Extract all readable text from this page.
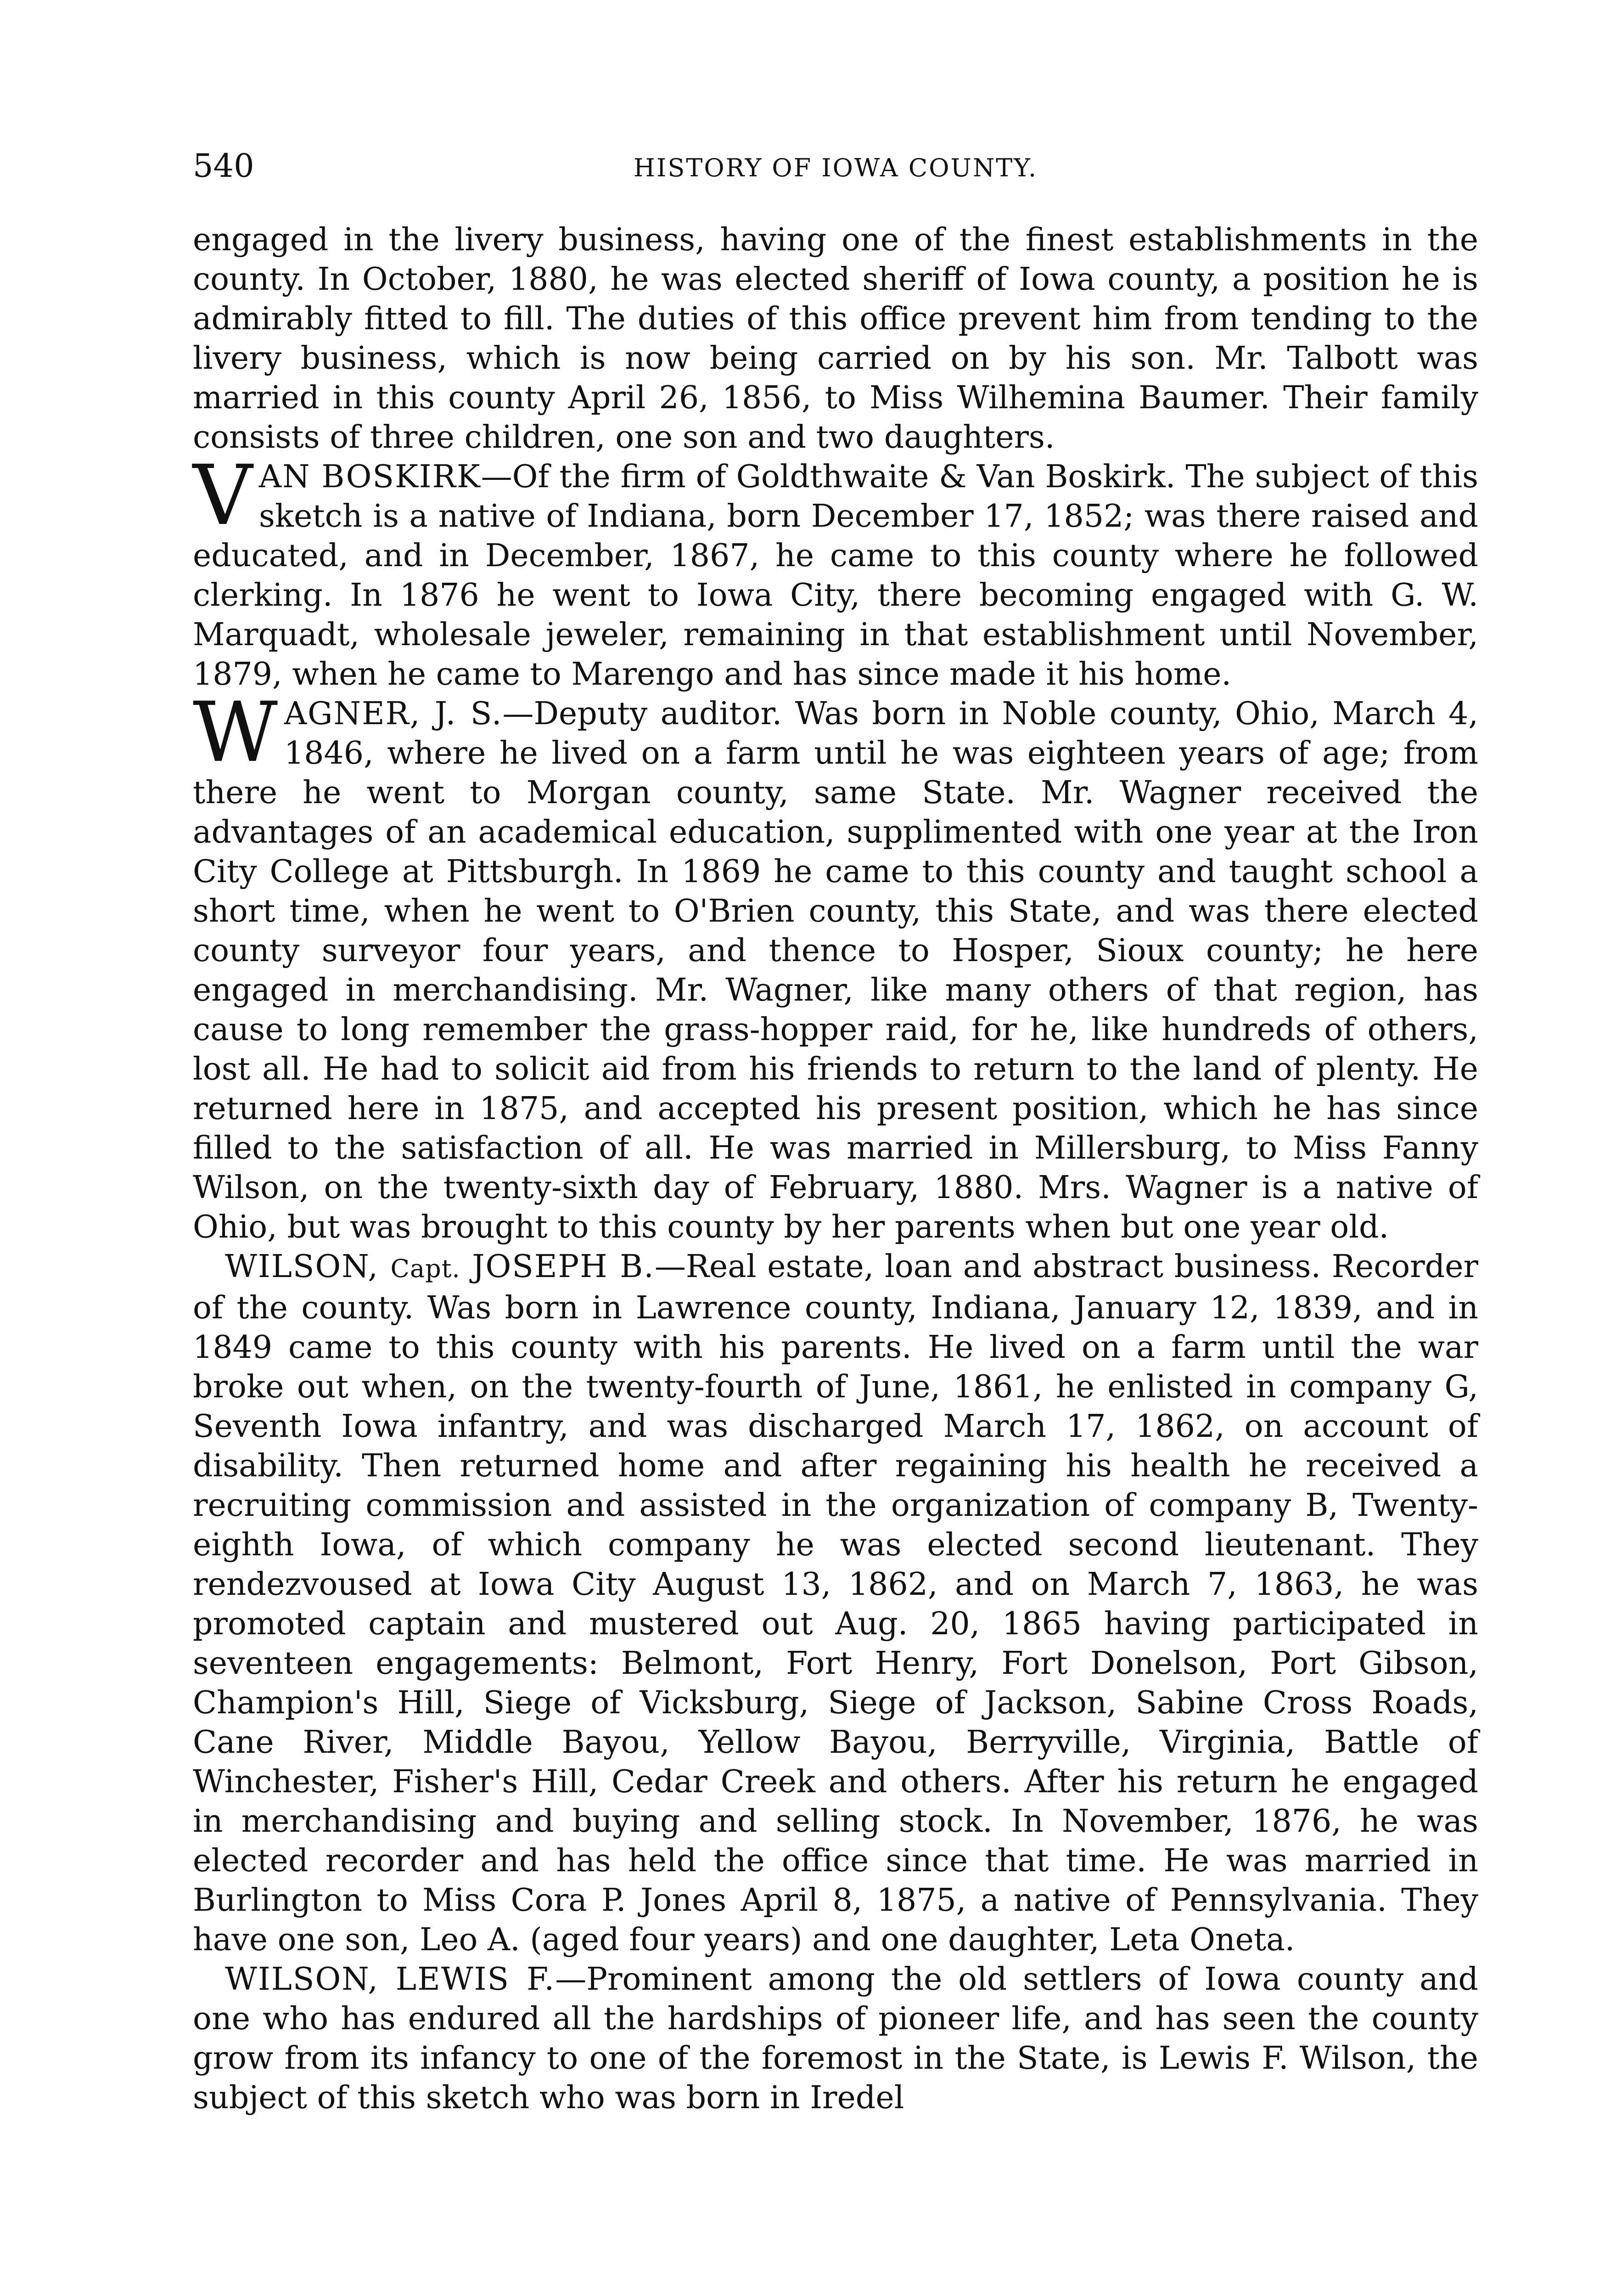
540	HISTORY OF IOWA COUNTY.

engaged in the livery business, having one of the finest establishments in the county. In October, 1880, he was elected sheriff of Iowa county, a position he is admirably fitted to fill. The duties of this office prevent him from tending to the livery business, which is now being carried on by his son. Mr. Talbott was married in this county April 26, 1856, to Miss Wilhemina Baumer. Their family consists of three children, one son and two daughters.

VAN BOSKIRK—Of the firm of Goldthwaite & Van Boskirk. The subject of this sketch is a native of Indiana, born December 17, 1852; was there raised and educated, and in December, 1867, he came to this county where he followed clerking. In 1876 he went to Iowa City, there becoming engaged with G. W. Marquadt, wholesale jeweler, remaining in that establishment until November, 1879, when he came to Marengo and has since made it his home.

WAGNER, J. S.—Deputy auditor. Was born in Noble county, Ohio, March 4, 1846, where he lived on a farm until he was eighteen years of age; from there he went to Morgan county, same State. Mr. Wagner received the advantages of an academical education, supplimented with one year at the Iron City College at Pittsburgh. In 1869 he came to this county and taught school a short time, when he went to O'Brien county, this State, and was there elected county surveyor four years, and thence to Hosper, Sioux county; he here engaged in merchandising. Mr. Wagner, like many others of that region, has cause to long remember the grass-hopper raid, for he, like hundreds of others, lost all. He had to solicit aid from his friends to return to the land of plenty. He returned here in 1875, and accepted his present position, which he has since filled to the satisfaction of all. He was married in Millersburg, to Miss Fanny Wilson, on the twenty-sixth day of February, 1880. Mrs. Wagner is a native of Ohio, but was brought to this county by her parents when but one year old.

WILSON, Capt. JOSEPH B.—Real estate, loan and abstract business. Recorder of the county. Was born in Lawrence county, Indiana, January 12, 1839, and in 1849 came to this county with his parents. He lived on a farm until the war broke out when, on the twenty-fourth of June, 1861, he enlisted in company G, Seventh Iowa infantry, and was discharged March 17, 1862, on account of disability. Then returned home and after regaining his health he received a recruiting commission and assisted in the organization of company B, Twenty-eighth Iowa, of which company he was elected second lieutenant. They rendezvoused at Iowa City August 13, 1862, and on March 7, 1863, he was promoted captain and mustered out Aug. 20, 1865 having participated in seventeen engagements: Belmont, Fort Henry, Fort Donelson, Port Gibson, Champion's Hill, Siege of Vicksburg, Siege of Jackson, Sabine Cross Roads, Cane River, Middle Bayou, Yellow Bayou, Berryville, Virginia, Battle of Winchester, Fisher's Hill, Cedar Creek and others. After his return he engaged in merchandising and buying and selling stock. In November, 1876, he was elected recorder and has held the office since that time. He was married in Burlington to Miss Cora P. Jones April 8, 1875, a native of Pennsylvania. They have one son, Leo A. (aged four years) and one daughter, Leta Oneta.

WILSON, LEWIS F.—Prominent among the old settlers of Iowa county and one who has endured all the hardships of pioneer life, and has seen the county grow from its infancy to one of the foremost in the State, is Lewis F. Wilson, the subject of this sketch who was born in Iredel
